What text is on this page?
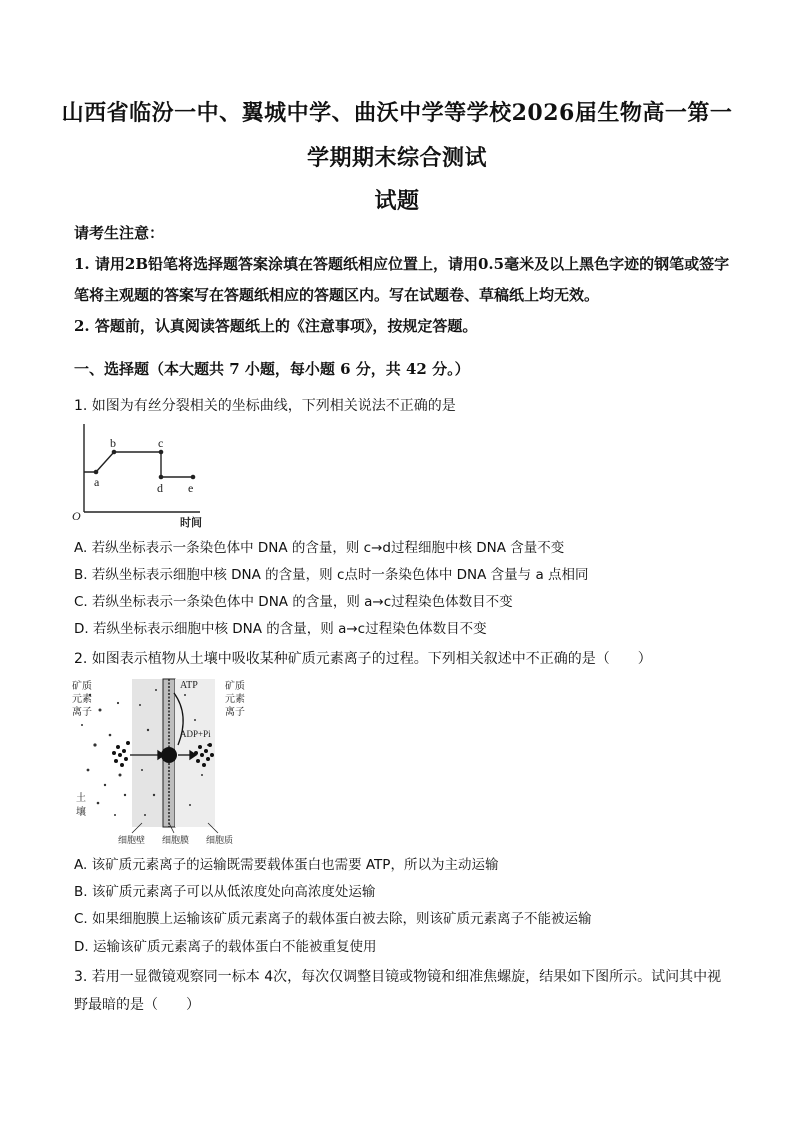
山西省临汾一中、翼城中学、曲沃中学等学校2026届生物高一第一
学期期末综合测试
试题
请考生注意：
1. 请用2B铅笔将选择题答案涂填在答题纸相应位置上，请用0.5毫米及以上黑色字迹的钢笔或签字笔将主观题的答案写在答题纸相应的答题区内。写在试题卷、草稿纸上均无效。
2. 答题前，认真阅读答题纸上的《注意事项》，按规定答题。
一、选择题（本大题共 7 小题，每小题 6 分，共 42 分。）
1. 如图为有丝分裂相关的坐标曲线，下列相关说法不正确的是
O
a
b	c
d e
时间
A. 若纵坐标表示一条染色体中 DNA 的含量，则 c→d过程细胞中核 DNA 含量不变
B. 若纵坐标表示细胞中核 DNA 的含量，则 c点时一条染色体中 DNA 含量与 a 点相同
C. 若纵坐标表示一条染色体中 DNA 的含量，则 a→c过程染色体数目不变
D. 若纵坐标表示细胞中核 DNA 的含量，则 a→c过程染色体数目不变
2. 如图表示植物从土壤中吸收某种矿质元素离子的过程。下列相关叙述中不正确的是（　　）
矿质
元素
离子
矿质
元素
离子
ATP
ADP+Pi
土
壤
细胞壁 细胞膜 细胞质
A. 该矿质元素离子的运输既需要载体蛋白也需要 ATP，所以为主动运输
B. 该矿质元素离子可以从低浓度处向高浓度处运输
C. 如果细胞膜上运输该矿质元素离子的载体蛋白被去除，则该矿质元素离子不能被运输
D. 运输该矿质元素离子的载体蛋白不能被重复使用
3. 若用一显微镜观察同一标本 4次，每次仅调整目镜或物镜和细准焦螺旋，结果如下图所示。试问其中视野最暗的是（　　）
